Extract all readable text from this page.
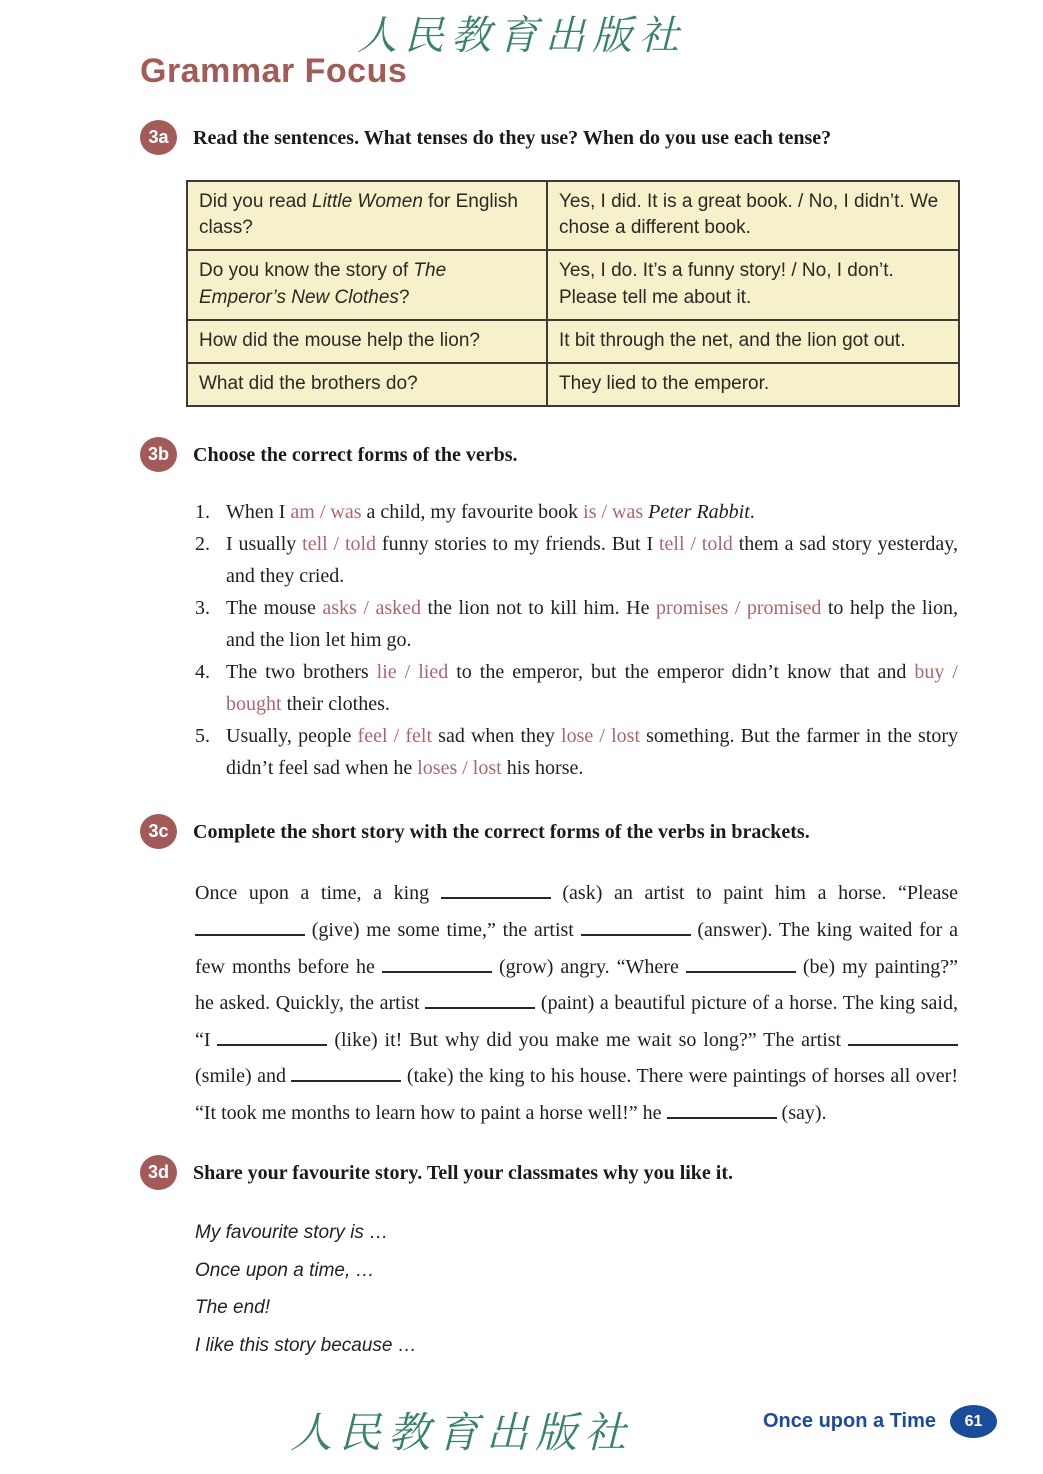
人民教育出版社
Grammar Focus
3a	Read the sentences. What tenses do they use? When do you use each tense?
Did you read Little Women for English class?	Yes, I did. It is a great book. / No, I didn’t. We chose a different book.
Do you know the story of The Emperor’s New Clothes?	Yes, I do. It’s a funny story! / No, I don’t. Please tell me about it.
How did the mouse help the lion?	It bit through the net, and the lion got out.
What did the brothers do?	They lied to the emperor.
3b	Choose the correct forms of the verbs.
1. When I am / was a child, my favourite book is / was Peter Rabbit.
2. I usually tell / told funny stories to my friends. But I tell / told them a sad story yesterday, and they cried.
3. The mouse asks / asked the lion not to kill him. He promises / promised to help the lion, and the lion let him go.
4. The two brothers lie / lied to the emperor, but the emperor didn’t know that and buy / bought their clothes.
5. Usually, people feel / felt sad when they lose / lost something. But the farmer in the story didn’t feel sad when he loses / lost his horse.
3c	Complete the short story with the correct forms of the verbs in brackets.

Once upon a time, a king	(ask) an artist to paint him a horse. “Please  (give) me some time,” the artist	(answer). The king waited for a few months before he	(grow) angry. “Where	(be) my painting?” he asked. Quickly, the artist	(paint) a beautiful picture of a horse. The king said, “I	(like) it! But why did you make me wait so long?” The artist  (smile) and	(take) the king to his house. There were paintings of horses all over! “It took me months to learn how to paint a horse well!” he	(say).

3d	Share your favourite story. Tell your classmates why you like it.
My favourite story is …
Once upon a time, …
The end!
I like this story because …
人民教育出版社	Once upon a Time	61
